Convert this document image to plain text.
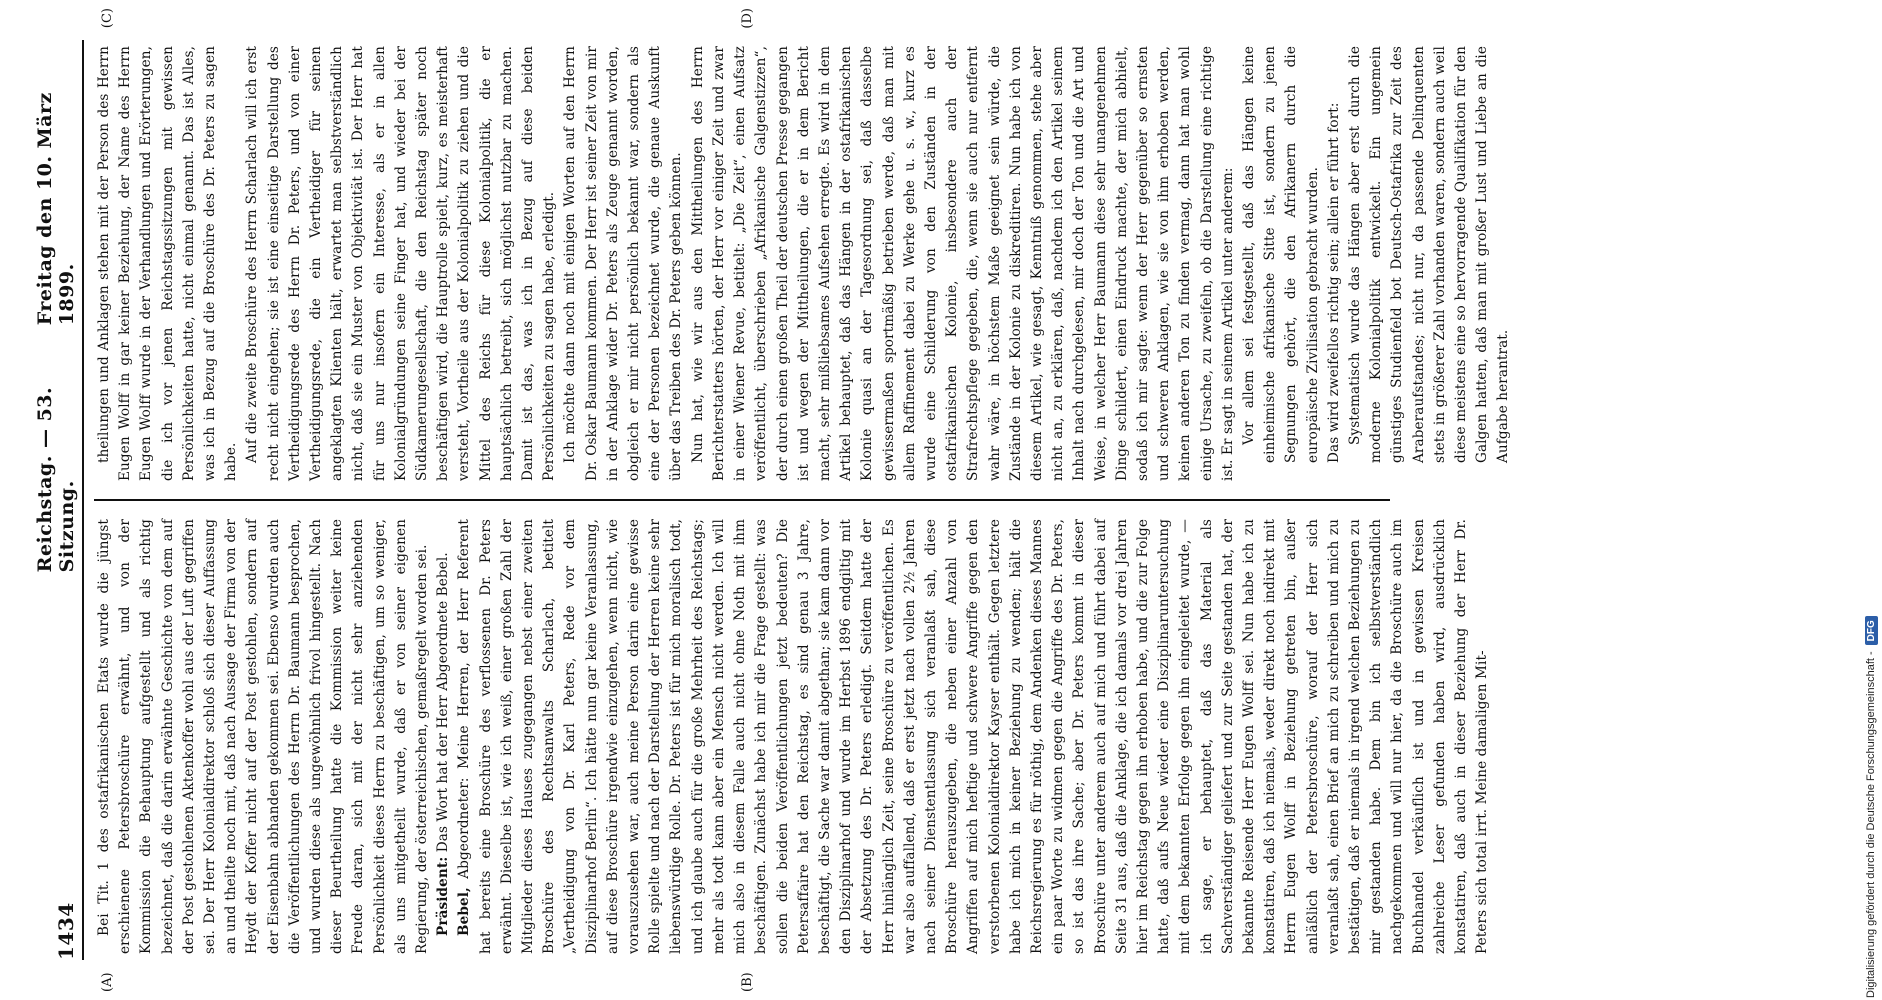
1434
Reichstag. — 53. Sitzung.
Freitag den 10. März 1899.
(A)	(B)
(C)	(D)

Bei Tit. 1 des ostafrikanischen Etats wurde die jüngst erschienene Petersbroschüre erwähnt, und von der Kommission die Behauptung aufgestellt und als richtig bezeichnet, daß die darin erwähnte Geschichte von dem auf der Post gestohlenen Aktenkoffer wohl aus der Luft gegriffen sei. Der Herr Kolonialdirektor schloß sich dieser Auffassung an und theilte noch mit, daß nach Aussage der Firma von der Heydt der Koffer nicht auf der Post gestohlen, sondern auf der Eisenbahn abhanden gekommen sei. Ebenso wurden auch die Veröffentlichungen des Herrn Dr. Baumann besprochen, und wurden diese als ungewöhnlich frivol hingestellt. Nach dieser Beurtheilung hatte die Kommission weiter keine Freude daran, sich mit der nicht sehr anziehenden Persönlichkeit dieses Herrn zu beschäftigen, um so weniger, als uns mitgetheilt wurde, daß er von seiner eigenen Regierung, der österreichischen, gemaßregelt worden sei. Präsident: Das Wort hat der Herr Abgeordnete Bebel.

Bebel, Abgeordneter: Meine Herren, der Herr Referent hat bereits eine Broschüre des verflossenen Dr. Peters erwähnt. Dieselbe ist, wie ich weiß, einer großen Zahl der Mitglieder dieses Hauses zugegangen nebst einer zweiten Broschüre des Rechtsanwalts Scharlach, betitelt „Vertheidigung von Dr. Karl Peters, Rede vor dem Disziplinarhof Berlin“. Ich hätte nun gar keine Veranlassung, auf diese Broschüre irgendwie einzugehen, wenn nicht, wie vorauszusehen war, auch meine Person darin eine gewisse Rolle spielte und nach der Darstellung der Herren keine sehr liebenswürdige Rolle. Dr. Peters ist für mich moralisch todt, und ich glaube auch für die große Mehrheit des Reichstags; mehr als todt kann aber ein Mensch nicht werden. Ich will mich also in diesem Falle auch nicht ohne Noth mit ihm beschäftigen. Zunächst habe ich mir die Frage gestellt: was sollen die beiden Veröffentlichungen jetzt bedeuten? Die Petersaffaire hat den Reichstag, es sind genau 3 Jahre, beschäftigt, die Sache war damit abgethan; sie kam dann vor den Disziplinarhof und wurde im Herbst 1896 endgiltig mit der Absetzung des Dr. Peters erledigt. Seitdem hatte der Herr hinlänglich Zeit, seine Broschüre zu veröffentlichen. Es war also auffallend, daß er erst jetzt nach vollen 2½ Jahren nach seiner Dienstentlassung sich veranlaßt sah, diese Broschüre herauszugeben, die neben einer Anzahl von Angriffen auf mich heftige und schwere Angriffe gegen den verstorbenen Kolonialdirektor Kayser enthält. Gegen letztere habe ich mich in keiner Beziehung zu wenden; hält die Reichsregierung es für nöthig, dem Andenken dieses Mannes ein paar Worte zu widmen gegen die Angriffe des Dr. Peters, so ist das ihre Sache; aber Dr. Peters kommt in dieser Broschüre unter anderem auch auf mich und führt dabei auf Seite 31 aus, daß die Anklage, die ich damals vor drei Jahren hier im Reichstag gegen ihn erhoben habe, und die zur Folge hatte, daß aufs Neue wieder eine Disziplinaruntersuchung mit dem bekannten Erfolge gegen ihn eingeleitet wurde, — ich sage, er behauptet, daß das Material als Sachverständiger geliefert und zur Seite gestanden hat, der bekannte Reisende Herr Eugen Wolff sei. Nun habe ich zu konstatiren, daß ich niemals, weder direkt noch indirekt mit Herrn Eugen Wolff in Beziehung getreten bin, außer anläßlich der Petersbroschüre, worauf der Herr sich veranlaßt sah, einen Brief an mich zu schreiben und mich zu bestätigen, daß er niemals in irgend welchen Beziehungen zu mir gestanden habe. Dem bin ich selbstverständlich nachgekommen und will nur hier, da die Broschüre auch im Buchhandel verkäuflich ist und in gewissen Kreisen zahlreiche Leser gefunden haben wird, ausdrücklich konstatiren, daß auch in dieser Beziehung der Herr Dr. Peters sich total irrt. Meine damaligen Mit-

theilungen und Anklagen stehen mit der Person des Herrn Eugen Wolff in gar keiner Beziehung, der Name des Herrn Eugen Wolff wurde in der Verhandlungen und Erörterungen, die ich vor jenen Reichstagssitzungen mit gewissen Persönlichkeiten hatte, nicht einmal genannt. Das ist Alles, was ich in Bezug auf die Broschüre des Dr. Peters zu sagen habe. Auf die zweite Broschüre des Herrn Scharlach will ich erst recht nicht eingehen; sie ist eine einseitige Darstellung des Vertheidigungsrede des Herrn Dr. Peters, und von einer Vertheidigungsrede, die ein Vertheidiger für seinen angeklagten Klienten hält, erwartet man selbstverständlich nicht, daß sie ein Muster von Objektivität ist. Der Herr hat für uns nur insofern ein Interesse, als er in allen Kolonialgründungen seine Finger hat, und wieder bei der Südkamerungesellschaft, die den Reichstag später noch beschäftigen wird, die Hauptrolle spielt, kurz, es meisterhaft versteht, Vortheile aus der Kolonialpolitik zu ziehen und die Mittel des Reichs für diese Kolonialpolitik, die er hauptsächlich betreibt, sich möglichst nutzbar zu machen. Damit ist das, was ich in Bezug auf diese beiden Persönlichkeiten zu sagen habe, erledigt. Ich möchte dann noch mit einigen Worten auf den Herrn Dr. Oskar Baumann kommen. Der Herr ist seiner Zeit von mir in der Anklage wider Dr. Peters als Zeuge genannt worden, obgleich er mir nicht persönlich bekannt war, sondern als eine der Personen bezeichnet wurde, die genaue Auskunft über das Treiben des Dr. Peters geben können. Nun hat, wie wir aus den Mittheilungen des Herrn Berichterstatters hörten, der Herr vor einiger Zeit und zwar in einer Wiener Revue, betitelt: „Die Zeit“, einen Aufsatz veröffentlicht, überschrieben „Afrikanische Galgenstizzen“, der durch einen großen Theil der deutschen Presse gegangen ist und wegen der Mittheilungen, die er in dem Bericht macht, sehr mißliebsames Aufsehen erregte. Es wird in dem Artikel behauptet, daß das Hängen in der ostafrikanischen Kolonie quasi an der Tagesordnung sei, daß dasselbe gewissermaßen sportmäßig betrieben werde, daß man mit allem Raffinement dabei zu Werke gehe u. s. w., kurz es wurde eine Schilderung von den Zuständen in der ostafrikanischen Kolonie, insbesondere auch der Strafrechtspflege gegeben, die, wenn sie auch nur entfernt wahr wäre, in höchstem Maße geeignet sein würde, die Zustände in der Kolonie zu diskreditiren. Nun habe ich von diesem Artikel, wie gesagt, Kenntniß genommen, stehe aber nicht an, zu erklären, daß, nachdem ich den Artikel seinem Inhalt nach durchgelesen, mir doch der Ton und die Art und Weise, in welcher Herr Baumann diese sehr unangenehmen Dinge schildert, einen Eindruck machte, der mich abhielt, sodaß ich mir sagte: wenn der Herr gegenüber so ernsten und schweren Anklagen, wie sie von ihm erhoben werden, keinen anderen Ton zu finden vermag, dann hat man wohl einige Ursache, zu zweifeln, ob die Darstellung eine richtige ist. Er sagt in seinem Artikel unter anderem: Vor allem sei festgestellt, daß das Hängen keine einheimische afrikanische Sitte ist, sondern zu jenen Segnungen gehört, die den Afrikanern durch die europäische Zivilisation gebracht wurden. Das wird zweifellos richtig sein; allein er führt fort: Systematisch wurde das Hängen aber erst durch die moderne Kolonialpolitik entwickelt. Ein ungemein günstiges Studienfeld bot Deutsch-Ostafrika zur Zeit des Araberaufstandes; nicht nur, da passende Delinquenten stets in größerer Zahl vorhanden waren, sondern auch weil diese meistens eine so hervorragende Qualifikation für den Galgen hatten, daß man mit großer Lust und Liebe an die Aufgabe herantrat.

Digitalisierung gefördert durch die Deutsche Forschungsgemeinschaft -
DFG
